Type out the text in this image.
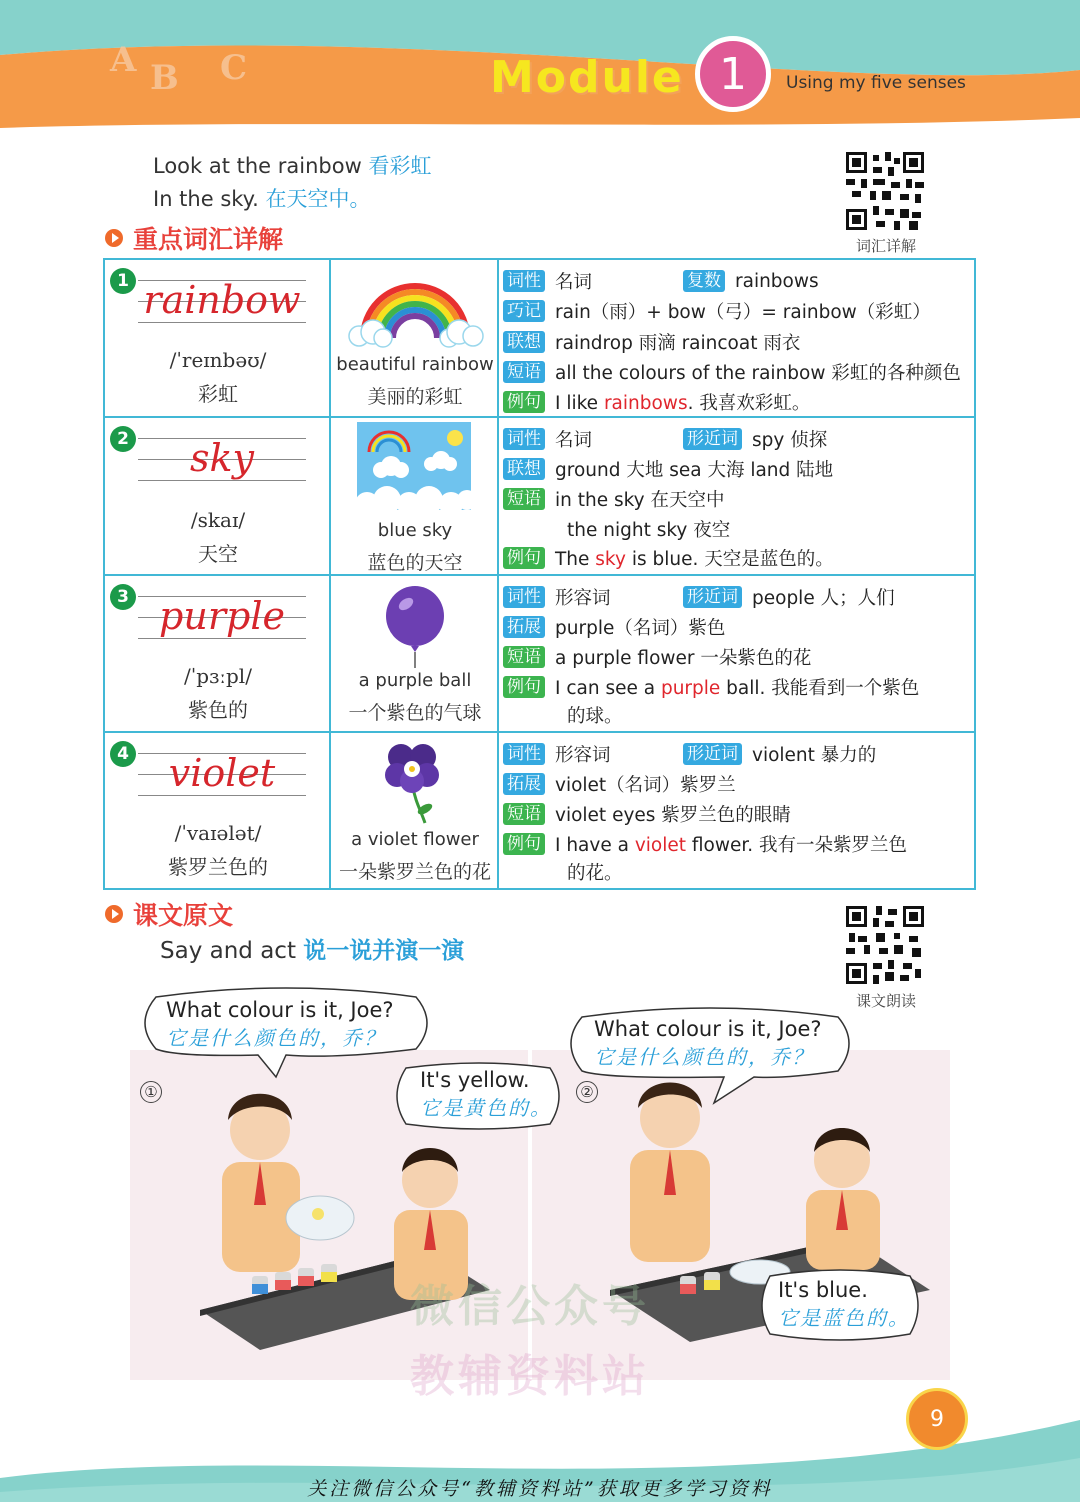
A B C	Module 1	Using my five senses
Look at the rainbow 看彩虹
In the sky. 在天空中。
词汇详解
重点词汇详解
1 rainbow
/ˈreɪnbəʊ/
彩虹
beautiful rainbow
美丽的彩虹
词性 名词	复数 rainbows
巧记 rain（雨）+ bow（弓）= rainbow（彩虹）
联想 raindrop 雨滴 raincoat 雨衣
短语 all the colours of the rainbow 彩虹的各种颜色
例句 I like rainbows. 我喜欢彩虹。
2	sky
/skaɪ/
天空
blue sky
蓝色的天空
词性 名词	形近词 spy 侦探
联想 ground 大地 sea 大海 land 陆地
短语 in the sky 在天空中
the night sky 夜空
例句 The sky is blue. 天空是蓝色的。
3 purple
/ˈpɜːpl/
紫色的
a purple ball
一个紫色的气球
词性 形容词	形近词 people 人；人们
拓展 purple（名词）紫色
短语 a purple flower 一朵紫色的花
例句 I can see a purple ball. 我能看到一个紫色
的球。
4	violet
/ˈvaɪələt/
紫罗兰色的
a violet flower
一朵紫罗兰色的花
词性 形容词	形近词 violent 暴力的
拓展 violet（名词）紫罗兰
短语 violet eyes 紫罗兰色的眼睛
例句 I have a violet flower. 我有一朵紫罗兰色
的花。
课文原文
Say and act 说一说并演一演
课文朗读
微信公众号
教辅资料站
①	②
What colour is it, Joe?
它是什么颜色的，乔？
It's yellow.
它是黄色的。
What colour is it, Joe?
它是什么颜色的，乔？
It's blue.
它是蓝色的。
9
关注微信公众号“教辅资料站”获取更多学习资料
